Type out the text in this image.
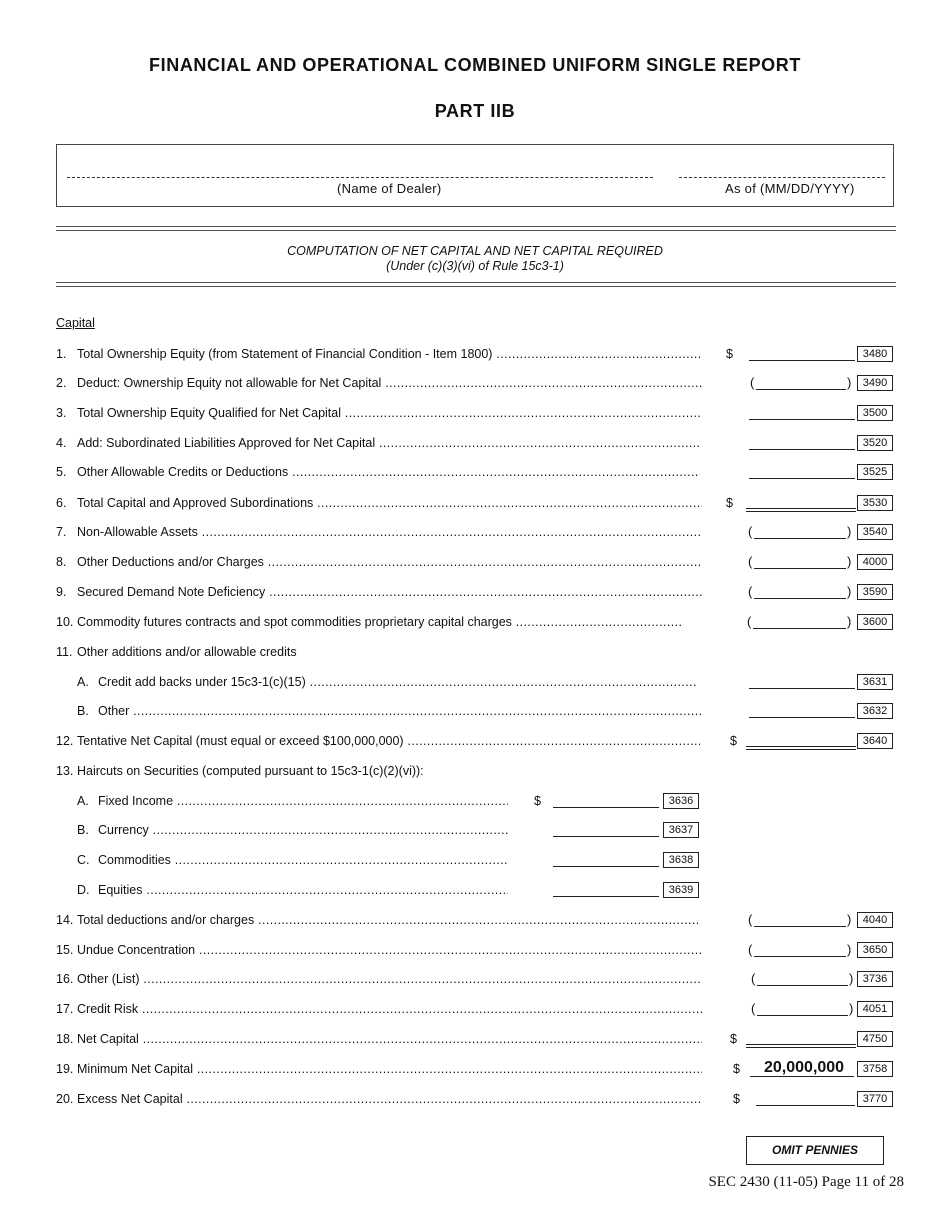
FINANCIAL AND OPERATIONAL COMBINED UNIFORM SINGLE REPORT
PART IIB
(Name of Dealer)	As of (MM/DD/YYYY)
COMPUTATION OF NET CAPITAL AND NET CAPITAL REQUIRED
(Under (c)(3)(vi) of Rule 15c3-1)
Capital
1. Total Ownership Equity (from Statement of Financial Condition - Item 1800) .....	$	3480
2. Deduct: Ownership Equity not allowable for Net Capital .....	(	)	3490
3. Total Ownership Equity Qualified for Net Capital .....	3500
4. Add: Subordinated Liabilities Approved for Net Capital .....	3520
5. Other Allowable Credits or Deductions .....	3525
6. Total Capital and Approved Subordinations .....	$	3530
7. Non-Allowable Assets .....	(	)	3540
8. Other Deductions and/or Charges .....	(	)	4000
9. Secured Demand Note Deficiency .....	(	)	3590
10. Commodity futures contracts and spot commodities proprietary capital charges .....	(	)	3600
11. Other additions and/or allowable credits
A. Credit add backs under 15c3-1(c)(15) .....	3631
B. Other .....	3632
12. Tentative Net Capital (must equal or exceed $100,000,000) .....	$	3640
13. Haircuts on Securities (computed pursuant to 15c3-1(c)(2)(vi)):
A. Fixed Income .....	$	3636
B. Currency .....	3637
C. Commodities .....	3638
D. Equities .....	3639
14. Total deductions and/or charges .....	(	)	4040
15. Undue Concentration .....	(	)	3650
16. Other (List) .....	(	) 3736
17. Credit Risk .....	(	) 4051
18. Net Capital .....	$	4750
19. Minimum Net Capital .....	$ 20,000,000	3758
20. Excess Net Capital .....	$	3770
OMIT PENNIES
SEC 2430 (11-05) Page 11 of 28
